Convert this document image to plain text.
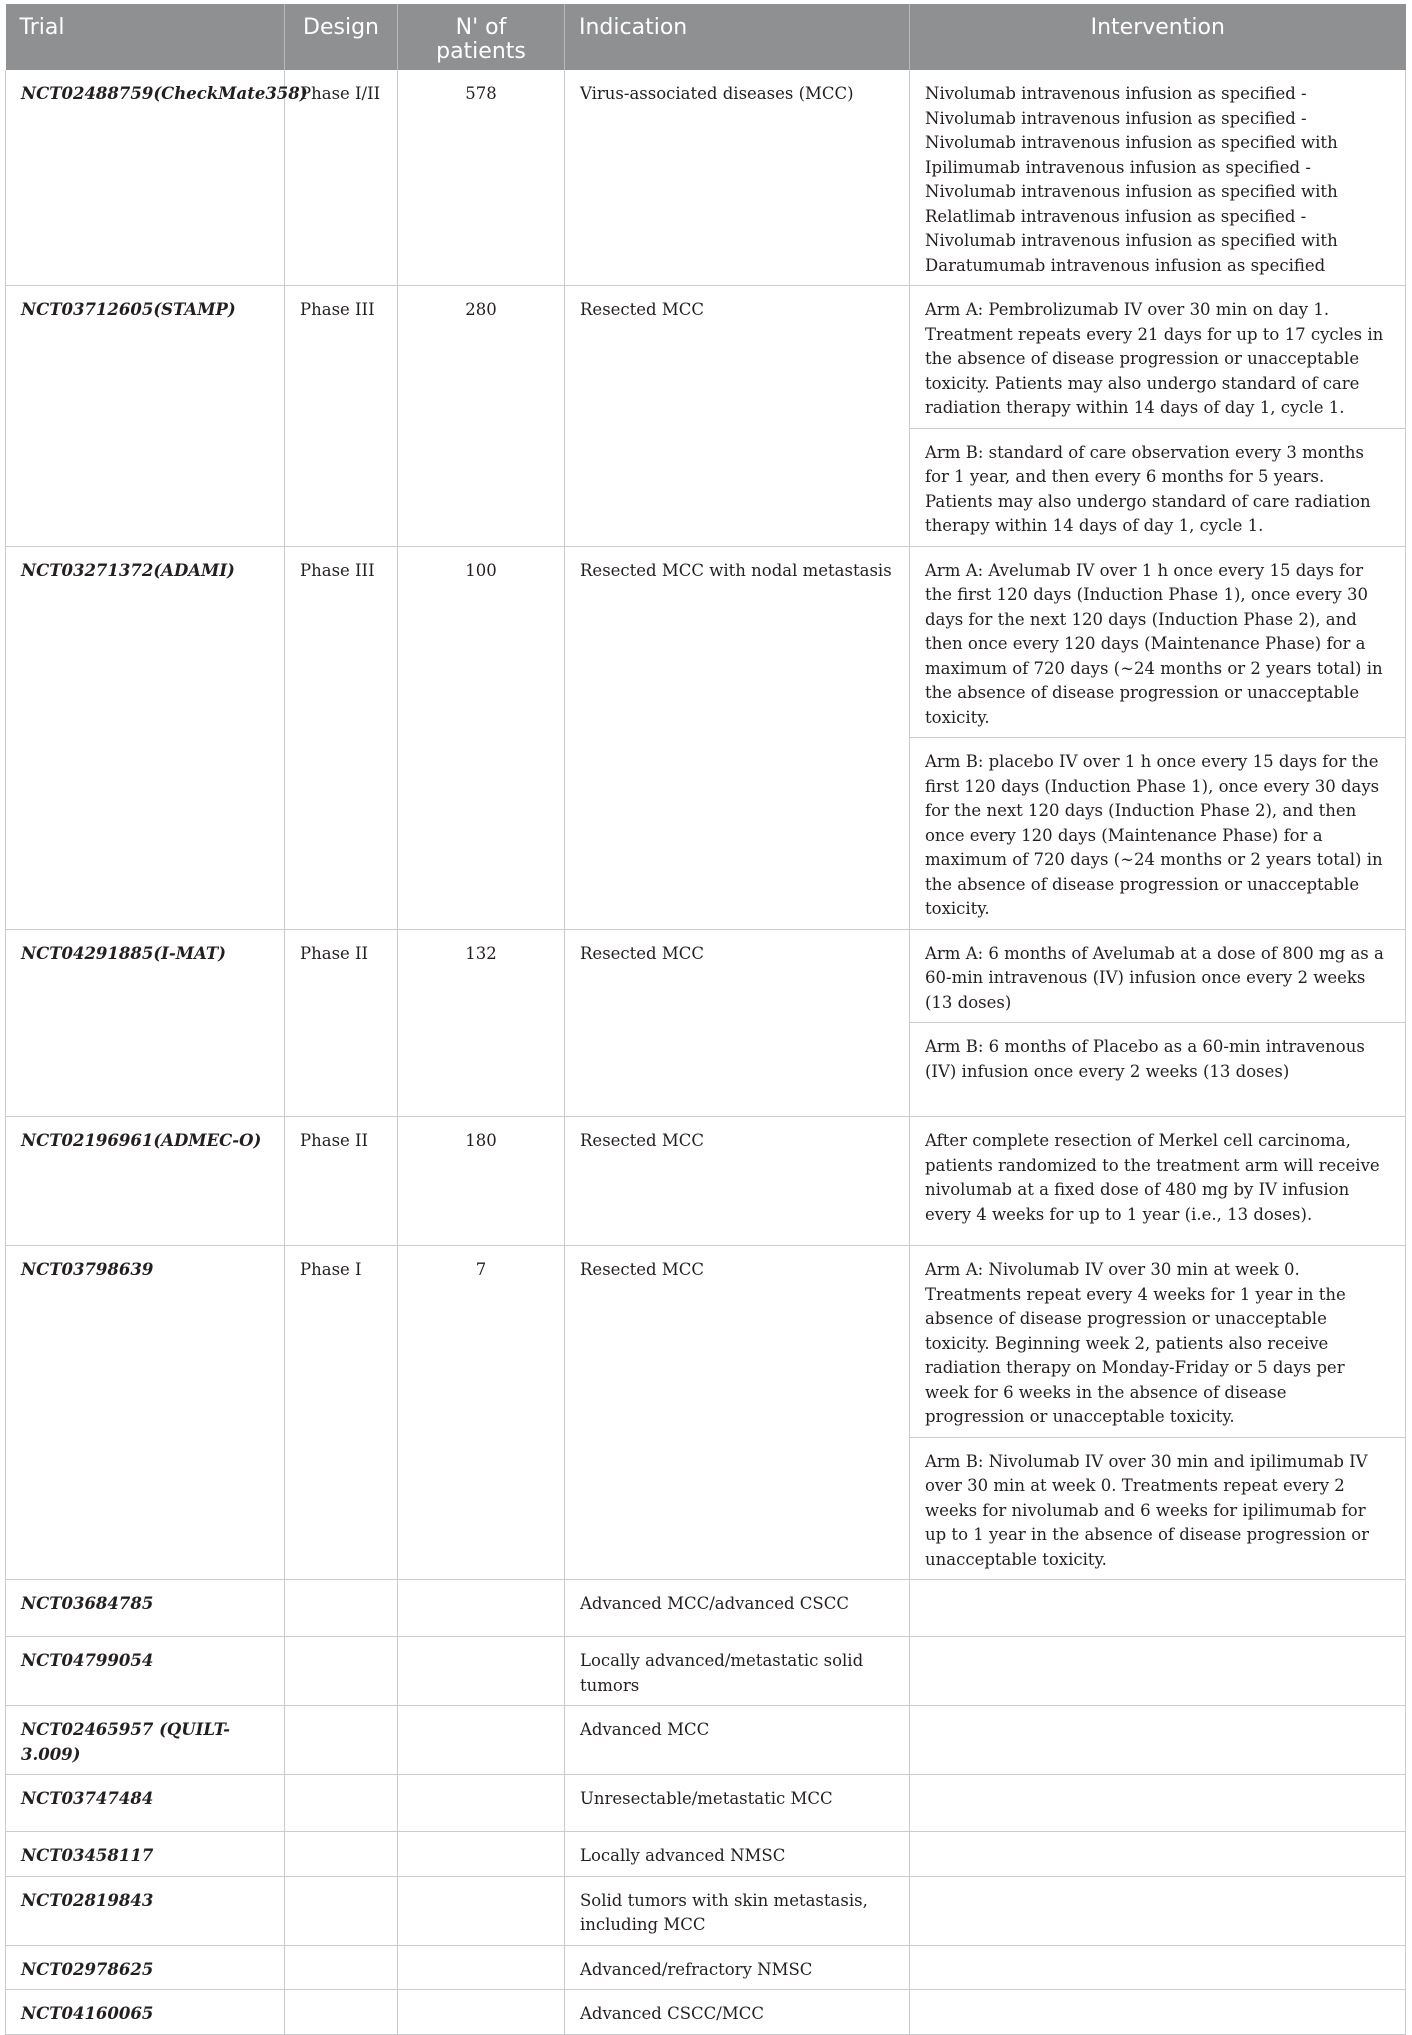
Trial	Design	N' of patients	Indication	Intervention
NCT02488759(CheckMate358)	Phase I/II	578	Virus-associated diseases (MCC)	Nivolumab intravenous infusion as specified - Nivolumab intravenous infusion as specified - Nivolumab intravenous infusion as specified with Ipilimumab intravenous infusion as specified - Nivolumab intravenous infusion as specified with Relatlimab intravenous infusion as specified - Nivolumab intravenous infusion as specified with Daratumumab intravenous infusion as specified
NCT03712605(STAMP)	Phase III	280	Resected MCC	Arm A: Pembrolizumab IV over 30 min on day 1. Treatment repeats every 21 days for up to 17 cycles in the absence of disease progression or unacceptable toxicity. Patients may also undergo standard of care radiation therapy within 14 days of day 1, cycle 1.
				Arm B: standard of care observation every 3 months for 1 year, and then every 6 months for 5 years. Patients may also undergo standard of care radiation therapy within 14 days of day 1, cycle 1.
NCT03271372(ADAMI)	Phase III	100	Resected MCC with nodal metastasis	Arm A: Avelumab IV over 1 h once every 15 days for the first 120 days (Induction Phase 1), once every 30 days for the next 120 days (Induction Phase 2), and then once every 120 days (Maintenance Phase) for a maximum of 720 days (∼24 months or 2 years total) in the absence of disease progression or unacceptable toxicity.
				Arm B: placebo IV over 1 h once every 15 days for the first 120 days (Induction Phase 1), once every 30 days for the next 120 days (Induction Phase 2), and then once every 120 days (Maintenance Phase) for a maximum of 720 days (∼24 months or 2 years total) in the absence of disease progression or unacceptable toxicity.
NCT04291885(I-MAT)	Phase II	132	Resected MCC	Arm A: 6 months of Avelumab at a dose of 800 mg as a 60-min intravenous (IV) infusion once every 2 weeks (13 doses)
				Arm B: 6 months of Placebo as a 60-min intravenous (IV) infusion once every 2 weeks (13 doses)
NCT02196961(ADMEC-O)	Phase II	180	Resected MCC	After complete resection of Merkel cell carcinoma, patients randomized to the treatment arm will receive nivolumab at a fixed dose of 480 mg by IV infusion every 4 weeks for up to 1 year (i.e., 13 doses).
NCT03798639	Phase I	7	Resected MCC	Arm A: Nivolumab IV over 30 min at week 0. Treatments repeat every 4 weeks for 1 year in the absence of disease progression or unacceptable toxicity. Beginning week 2, patients also receive radiation therapy on Monday-Friday or 5 days per week for 6 weeks in the absence of disease progression or unacceptable toxicity.
				Arm B: Nivolumab IV over 30 min and ipilimumab IV over 30 min at week 0. Treatments repeat every 2 weeks for nivolumab and 6 weeks for ipilimumab for up to 1 year in the absence of disease progression or unacceptable toxicity.
NCT03684785			Advanced MCC/advanced CSCC	
NCT04799054			Locally advanced/metastatic solid tumors	
NCT02465957 (QUILT-3.009)			Advanced MCC	
NCT03747484			Unresectable/metastatic MCC	
NCT03458117			Locally advanced NMSC	
NCT02819843			Solid tumors with skin metastasis, including MCC	
NCT02978625			Advanced/refractory NMSC	
NCT04160065			Advanced CSCC/MCC	
